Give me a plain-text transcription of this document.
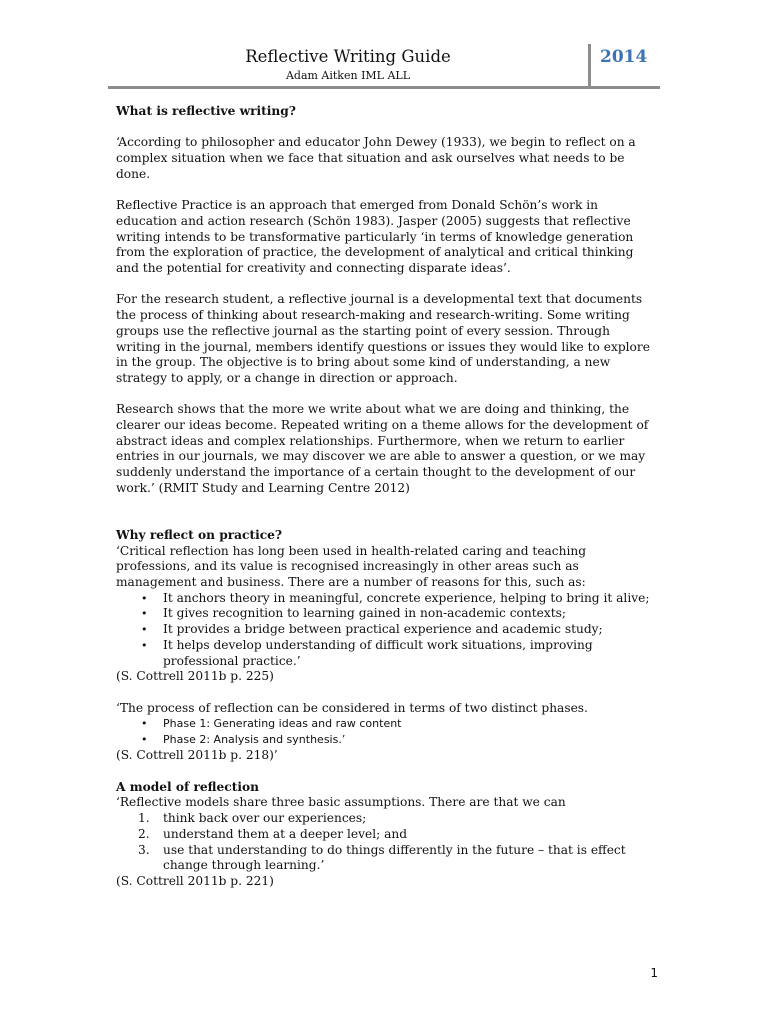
Reflective Writing Guide
Adam Aitken IML ALL
2014
What is reflective writing?

‘According to philosopher and educator John Dewey (1933), we begin to reflect on a complex situation when we face that situation and ask ourselves what needs to be done.

Reflective Practice is an approach that emerged from Donald Schön’s work in education and action research (Schön 1983). Jasper (2005) suggests that reflective writing intends to be transformative particularly ‘in terms of knowledge generation from the exploration of practice, the development of analytical and critical thinking and the potential for creativity and connecting disparate ideas’.

For the research student, a reflective journal is a developmental text that documents the process of thinking about research-making and research-writing. Some writing groups use the reflective journal as the starting point of every session. Through writing in the journal, members identify questions or issues they would like to explore in the group. The objective is to bring about some kind of understanding, a new strategy to apply, or a change in direction or approach.

Research shows that the more we write about what we are doing and thinking, the clearer our ideas become. Repeated writing on a theme allows for the development of abstract ideas and complex relationships. Furthermore, when we return to earlier entries in our journals, we may discover we are able to answer a question, or we may suddenly understand the importance of a certain thought to the development of our work.’ (RMIT Study and Learning Centre 2012)

Why reflect on practice?

‘Critical reflection has long been used in health-related caring and teaching professions, and its value is recognised increasingly in other areas such as management and business. There are a number of reasons for this, such as:

• It anchors theory in meaningful, concrete experience, helping to bring it alive;
• It gives recognition to learning gained in non-academic contexts;
• It provides a bridge between practical experience and academic study;
• It helps develop understanding of difficult work situations, improving professional practice.’

(S. Cottrell 2011b p. 225)

‘The process of reflection can be considered in terms of two distinct phases.

• Phase 1: Generating ideas and raw content
• Phase 2: Analysis and synthesis.’

(S. Cottrell 2011b p. 218)’

A model of reflection

‘Reflective models share three basic assumptions. There are that we can

1. think back over our experiences;
2. understand them at a deeper level; and
3. use that understanding to do things differently in the future – that is effect change through learning.’

(S. Cottrell 2011b p. 221)

1
